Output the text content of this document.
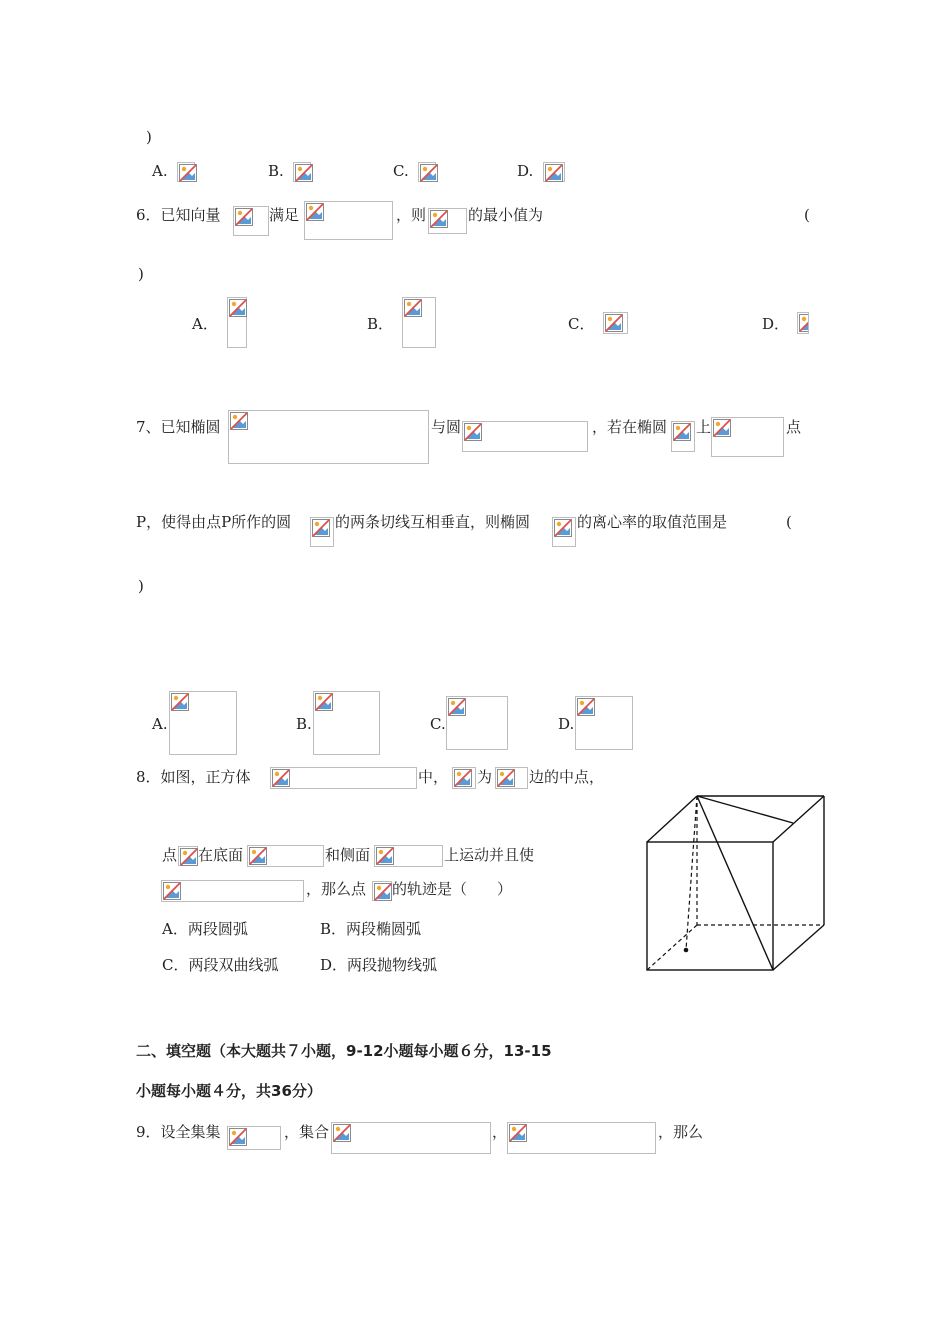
)
A.	B.	C.	D.
6．已知向量	满足	，则	的最小值为	(
)
A．	B．	C．	D．
7、已知椭圆	与圆	，若在椭圆 上	点
P，使得由点P所作的圆	的两条切线互相垂直，则椭圆	的离心率的取值范围是	(
)
A.	B.	C.	D.
8．如图，正方体	中， 为 边的中点，
点 在底面	和侧面	上运动并且使
，那么点 的轨迹是（　　）
A．两段圆弧	B．两段椭圆弧
C．两段双曲线弧	D．两段抛物线弧
二、填空题（本大题共７小题，9-12小题每小题６分，13-15
小题每小题４分，共36分）
9．设全集集	，集合	，	，那么
